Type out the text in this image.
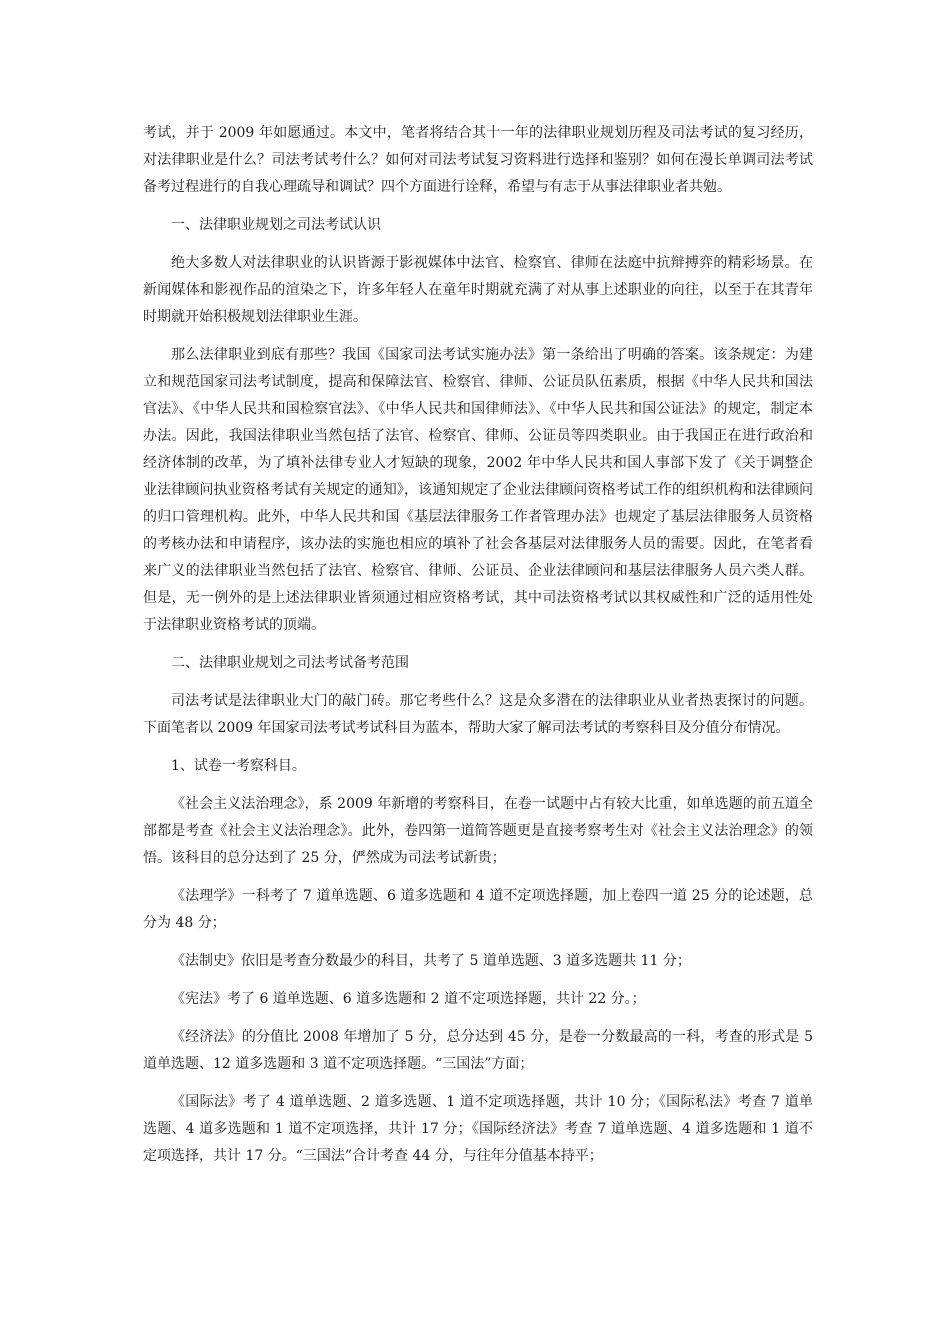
考试，并于 2009 年如愿通过。本文中，笔者将结合其十一年的法律职业规划历程及司法考试的复习经历，对法律职业是什么？司法考试考什么？如何对司法考试复习资料进行选择和鉴别？如何在漫长单调司法考试备考过程进行的自我心理疏导和调试？四个方面进行诠释，希望与有志于从事法律职业者共勉。

一、法律职业规划之司法考试认识

绝大多数人对法律职业的认识皆源于影视媒体中法官、检察官、律师在法庭中抗辩搏弈的精彩场景。在新闻媒体和影视作品的渲染之下，许多年轻人在童年时期就充满了对从事上述职业的向往，以至于在其青年时期就开始积极规划法律职业生涯。

那么法律职业到底有那些？我国《国家司法考试实施办法》第一条给出了明确的答案。该条规定：为建立和规范国家司法考试制度，提高和保障法官、检察官、律师、公证员队伍素质，根据《中华人民共和国法官法》、《中华人民共和国检察官法》、《中华人民共和国律师法》、《中华人民共和国公证法》的规定，制定本办法。因此，我国法律职业当然包括了法官、检察官、律师、公证员等四类职业。由于我国正在进行政治和经济体制的改革，为了填补法律专业人才短缺的现象，2002 年中华人民共和国人事部下发了《关于调整企业法律顾问执业资格考试有关规定的通知》，该通知规定了企业法律顾问资格考试工作的组织机构和法律顾问的归口管理机构。此外，中华人民共和国《基层法律服务工作者管理办法》也规定了基层法律服务人员资格的考核办法和申请程序，该办法的实施也相应的填补了社会各基层对法律服务人员的需要。因此，在笔者看来广义的法律职业当然包括了法官、检察官、律师、公证员、企业法律顾问和基层法律服务人员六类人群。但是，无一例外的是上述法律职业皆须通过相应资格考试，其中司法资格考试以其权威性和广泛的适用性处于法律职业资格考试的顶端。

二、法律职业规划之司法考试备考范围

司法考试是法律职业大门的敲门砖。那它考些什么？这是众多潜在的法律职业从业者热衷探讨的问题。下面笔者以 2009 年国家司法考试考试科目为蓝本，帮助大家了解司法考试的考察科目及分值分布情况。

1、试卷一考察科目。

《社会主义法治理念》，系 2009 年新增的考察科目，在卷一试题中占有较大比重，如单选题的前五道全部都是考查《社会主义法治理念》。此外，卷四第一道简答题更是直接考察考生对《社会主义法治理念》的领悟。该科目的总分达到了 25 分，俨然成为司法考试新贵；

《法理学》一科考了 7 道单选题、6 道多选题和 4 道不定项选择题，加上卷四一道 25 分的论述题，总分为 48 分；

《法制史》依旧是考查分数最少的科目，共考了 5 道单选题、3 道多选题共 11 分；

《宪法》考了 6 道单选题、6 道多选题和 2 道不定项选择题，共计 22 分。；

《经济法》的分值比 2008 年增加了 5 分，总分达到 45 分，是卷一分数最高的一科，考查的形式是 5 道单选题、12 道多选题和 3 道不定项选择题。“三国法”方面；

《国际法》考了 4 道单选题、2 道多选题、1 道不定项选择题，共计 10 分；《国际私法》考查 7 道单选题、4 道多选题和 1 道不定项选择，共计 17 分；《国际经济法》考查 7 道单选题、4 道多选题和 1 道不定项选择，共计 17 分。“三国法”合计考查 44 分，与往年分值基本持平；
